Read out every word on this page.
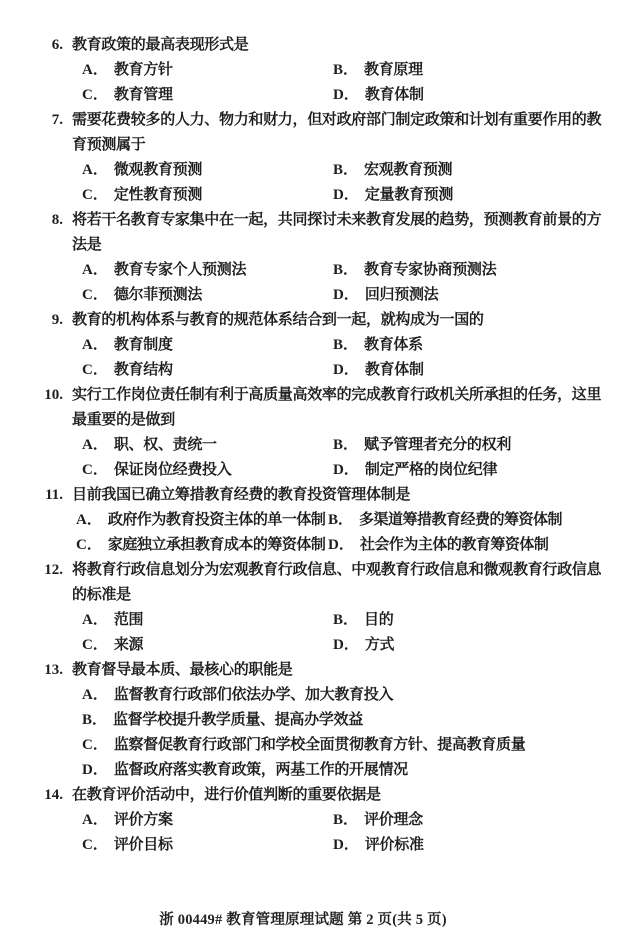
6. 教育政策的最高表现形式是
A． 教育方针	B． 教育原理
C． 教育管理	D． 教育体制
7. 需要花费较多的人力、物力和财力，但对政府部门制定政策和计划有重要作用的教育预测属于
A． 微观教育预测	B． 宏观教育预测
C． 定性教育预测	D． 定量教育预测
8. 将若干名教育专家集中在一起，共同探讨未来教育发展的趋势，预测教育前景的方法是
A． 教育专家个人预测法	B． 教育专家协商预测法
C． 德尔菲预测法	D． 回归预测法
9. 教育的机构体系与教育的规范体系结合到一起，就构成为一国的
A． 教育制度	B． 教育体系
C． 教育结构	D． 教育体制
10. 实行工作岗位责任制有利于高质量高效率的完成教育行政机关所承担的任务，这里最重要的是做到
A． 职、权、责统一	B． 赋予管理者充分的权利
C． 保证岗位经费投入	D． 制定严格的岗位纪律
11. 目前我国已确立筹措教育经费的教育投资管理体制是
A． 政府作为教育投资主体的单一体制 B． 多渠道筹措教育经费的筹资体制
C． 家庭独立承担教育成本的筹资体制 D． 社会作为主体的教育筹资体制
12. 将教育行政信息划分为宏观教育行政信息、中观教育行政信息和微观教育行政信息的标准是
A． 范围	B． 目的
C． 来源	D． 方式
13. 教育督导最本质、最核心的职能是
A． 监督教育行政部们依法办学、加大教育投入
B． 监督学校提升教学质量、提高办学效益
C． 监察督促教育行政部门和学校全面贯彻教育方针、提高教育质量
D． 监督政府落实教育政策，两基工作的开展情况
14. 在教育评价活动中，进行价值判断的重要依据是
A． 评价方案	B． 评价理念
C． 评价目标	D． 评价标准
浙 00449# 教育管理原理试题 第 2 页(共 5 页)
